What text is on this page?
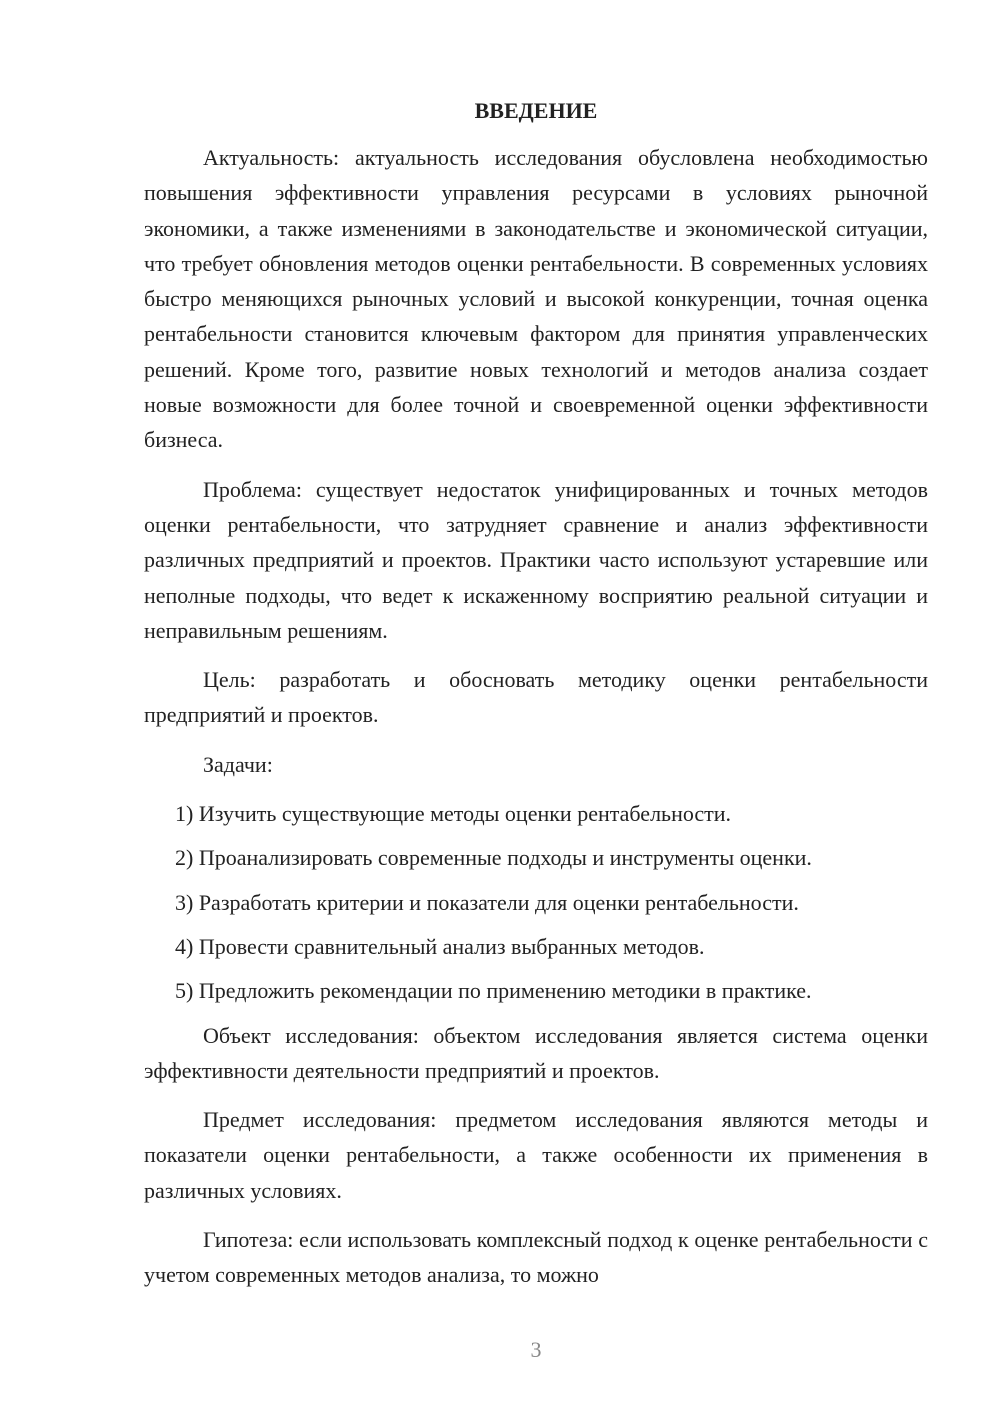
ВВЕДЕНИЕ

Актуальность: актуальность исследования обусловлена необходимостью повышения эффективности управления ресурсами в условиях рыночной экономики, а также изменениями в законодательстве и экономической ситуации, что требует обновления методов оценки рентабельности. В современных условиях быстро меняющихся рыночных условий и высокой конкуренции, точная оценка рентабельности становится ключевым фактором для принятия управленческих решений. Кроме того, развитие новых технологий и методов анализа создает новые возможности для более точной и своевременной оценки эффективности бизнеса.

Проблема: существует недостаток унифицированных и точных методов оценки рентабельности, что затрудняет сравнение и анализ эффективности различных предприятий и проектов. Практики часто используют устаревшие или неполные подходы, что ведет к искаженному восприятию реальной ситуации и неправильным решениям.

Цель: разработать и обосновать методику оценки рентабельности предприятий и проектов.

Задачи:

1) Изучить существующие методы оценки рентабельности.
2) Проанализировать современные подходы и инструменты оценки.
3) Разработать критерии и показатели для оценки рентабельности.
4) Провести сравнительный анализ выбранных методов.
5) Предложить рекомендации по применению методики в практике.

Объект исследования: объектом исследования является система оценки эффективности деятельности предприятий и проектов.

Предмет исследования: предметом исследования являются методы и показатели оценки рентабельности, а также особенности их применения в различных условиях.

Гипотеза: если использовать комплексный подход к оценке рентабельности с учетом современных методов анализа, то можно

3
